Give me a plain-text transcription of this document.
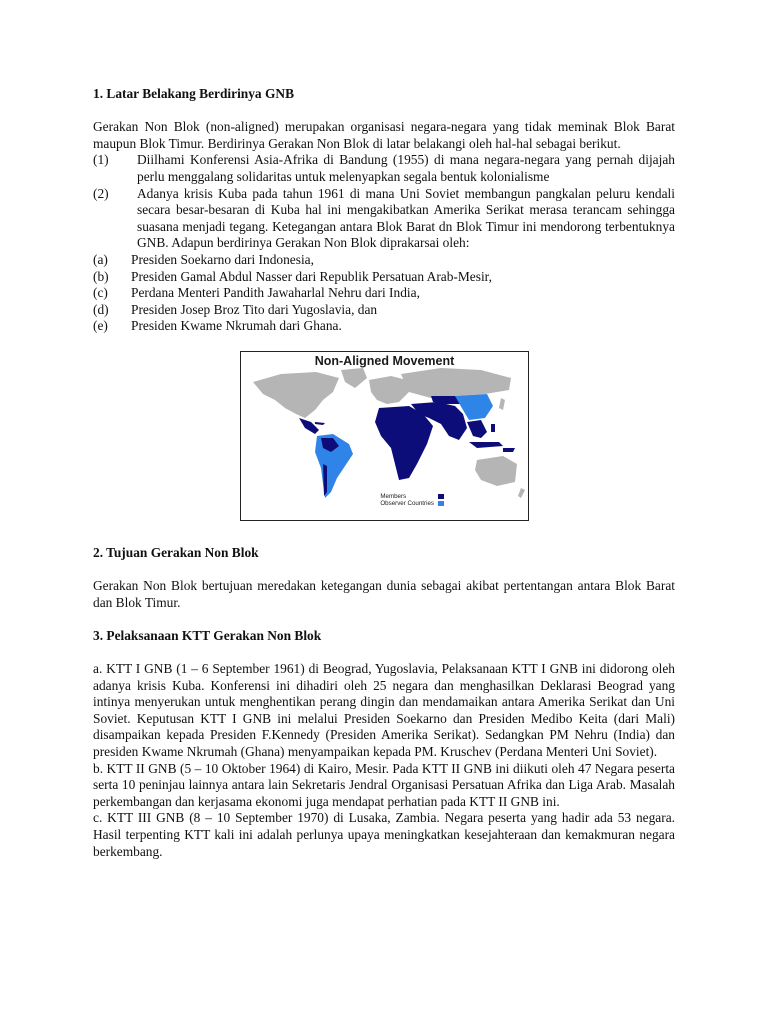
1. Latar Belakang Berdirinya GNB

Gerakan Non Blok (non-aligned) merupakan organisasi negara-negara yang tidak meminak Blok Barat maupun Blok Timur. Berdirinya Gerakan Non Blok di latar belakangi oleh hal-hal sebagai berikut.

(1)	Diilhami Konferensi Asia-Afrika di Bandung (1955) di mana negara-negara yang pernah dijajah perlu menggalang solidaritas untuk melenyapkan segala bentuk kolonialisme
(2)	Adanya krisis Kuba pada tahun 1961 di mana Uni Soviet membangun pangkalan peluru kendali secara besar-besaran di Kuba hal ini mengakibatkan Amerika Serikat merasa terancam sehingga suasana menjadi tegang. Ketegangan antara Blok Barat dn Blok Timur ini mendorong terbentuknya GNB. Adapun berdirinya Gerakan Non Blok diprakarsai oleh:
(a)	Presiden Soekarno dari Indonesia,
(b)	Presiden Gamal Abdul Nasser dari Republik Persatuan Arab-Mesir,
(c)	Perdana Menteri Pandith Jawaharlal Nehru dari India,
(d)	Presiden Josep Broz Tito dari Yugoslavia, dan
(e)	Presiden Kwame Nkrumah dari Ghana.
Non-Aligned Movement
Members
Observer Countries
2. Tujuan Gerakan Non Blok

Gerakan Non Blok bertujuan meredakan ketegangan dunia sebagai akibat pertentangan antara Blok Barat dan Blok Timur.

3. Pelaksanaan KTT Gerakan Non Blok

a. KTT I GNB (1 – 6 September 1961) di Beograd, Yugoslavia, Pelaksanaan KTT I GNB ini didorong oleh adanya krisis Kuba. Konferensi ini dihadiri oleh 25 negara dan menghasilkan Deklarasi Beograd yang intinya menyerukan untuk menghentikan perang dingin dan mendamaikan antara Amerika Serikat dan Uni Soviet. Keputusan KTT I GNB ini melalui Presiden Soekarno dan Presiden Medibo Keita (dari Mali) disampaikan kepada Presiden F.Kennedy (Presiden Amerika Serikat). Sedangkan PM Nehru (India) dan presiden Kwame Nkrumah (Ghana) menyampaikan kepada PM. Kruschev (Perdana Menteri Uni Soviet).

b. KTT II GNB (5 – 10 Oktober 1964) di Kairo, Mesir. Pada KTT II GNB ini diikuti oleh 47 Negara peserta serta 10 peninjau lainnya antara lain Sekretaris Jendral Organisasi Persatuan Afrika dan Liga Arab. Masalah perkembangan dan kerjasama ekonomi juga mendapat perhatian pada KTT II GNB ini.

c. KTT III GNB (8 – 10 September 1970) di Lusaka, Zambia. Negara peserta yang hadir ada 53 negara. Hasil terpenting KTT kali ini adalah perlunya upaya meningkatkan kesejahteraan dan kemakmuran negara berkembang.
